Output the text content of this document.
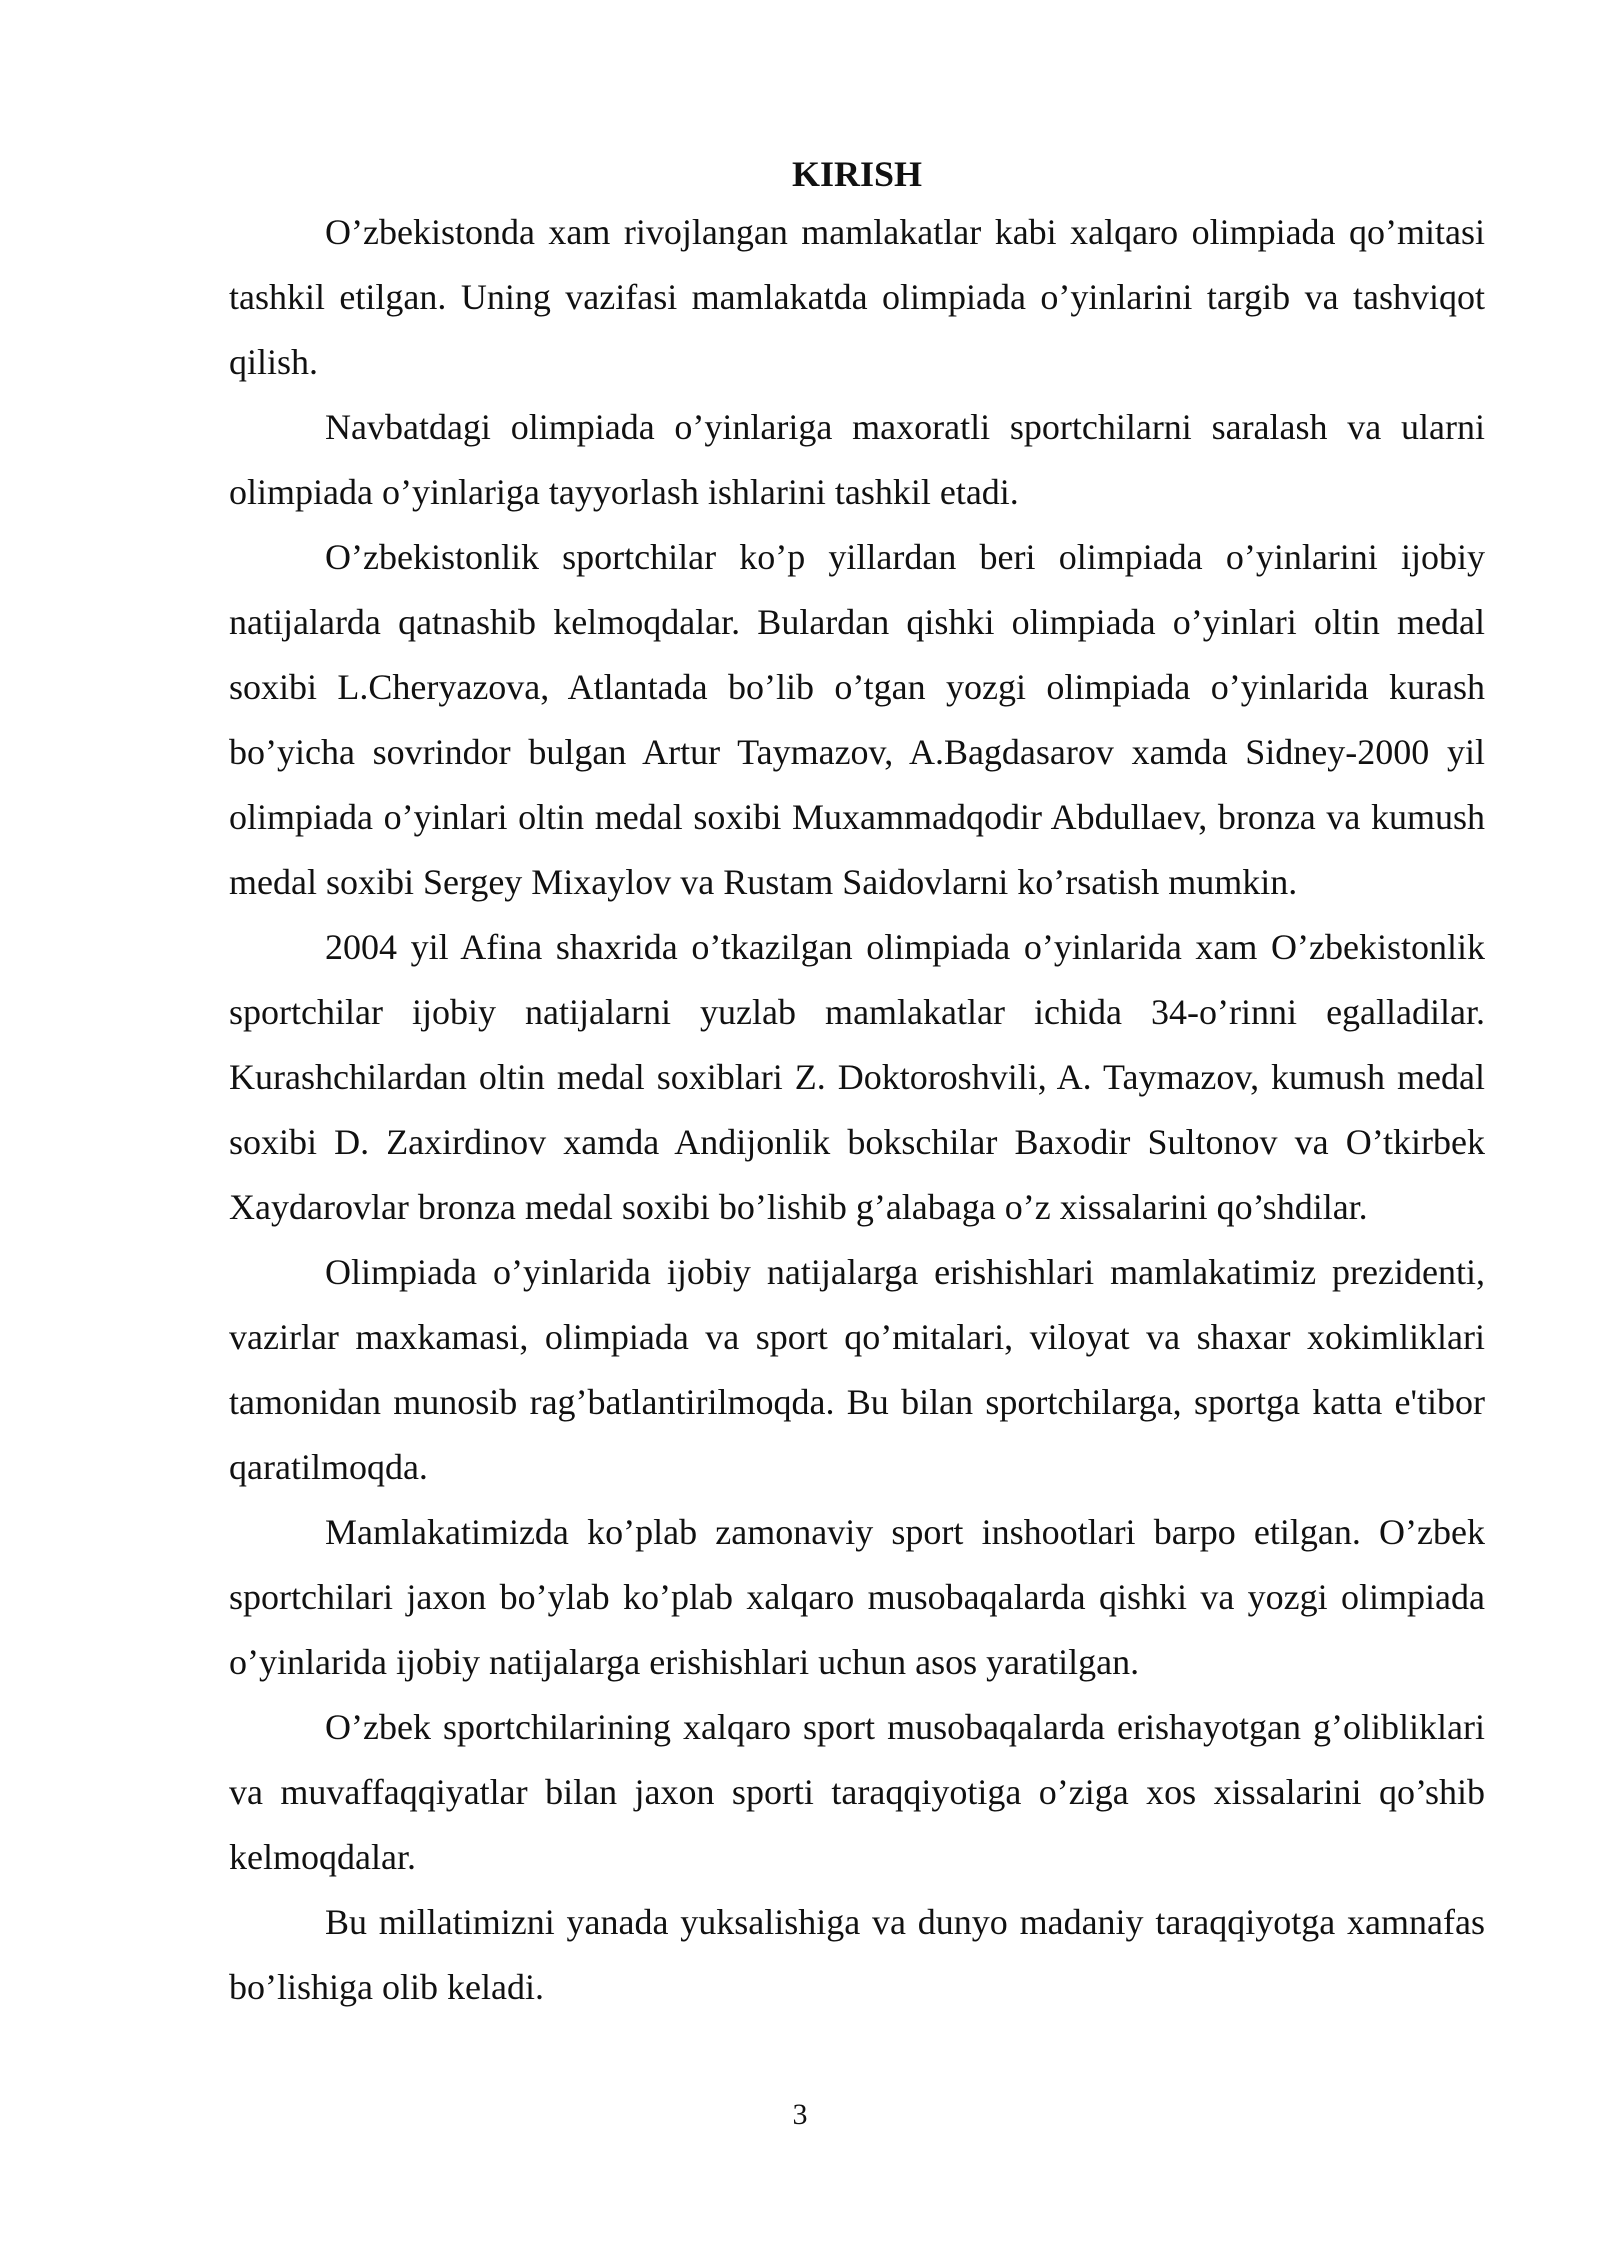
KIRISH

O’zbekistonda xam rivojlangan mamlakatlar kabi xalqaro olimpiada qo’mitasi tashkil etilgan. Uning vazifasi mamlakatda olimpiada o’yinlarini targib va tashviqot qilish.

Navbatdagi olimpiada o’yinlariga maxoratli sportchilarni saralash va ularni olimpiada o’yinlariga tayyorlash ishlarini tashkil etadi.

O’zbekistonlik sportchilar ko’p yillardan beri olimpiada o’yinlarini ijobiy natijalarda qatnashib kelmoqdalar. Bulardan qishki olimpiada o’yinlari oltin medal soxibi L.Cheryazova, Atlantada bo’lib o’tgan yozgi olimpiada o’yinlarida kurash bo’yicha sovrindor bulgan Artur Taymazov, A.Bagdasarov xamda Sidney-2000 yil olimpiada o’yinlari oltin medal soxibi Muxammadqodir Abdullaev, bronza va kumush medal soxibi Sergey Mixaylov va Rustam Saidovlarni ko’rsatish mumkin.

2004 yil Afina shaxrida o’tkazilgan olimpiada o’yinlarida xam O’zbekistonlik sportchilar ijobiy natijalarni yuzlab mamlakatlar ichida 34-o’rinni egalladilar. Kurashchilardan oltin medal soxiblari Z. Doktoroshvili, A. Taymazov, kumush medal soxibi D. Zaxirdinov xamda Andijonlik bokschilar Baxodir Sultonov va O’tkirbek Xaydarovlar bronza medal soxibi bo’lishib g’alabaga o’z xissalarini qo’shdilar.

Olimpiada o’yinlarida ijobiy natijalarga erishishlari mamlakatimiz prezidenti, vazirlar maxkamasi, olimpiada va sport qo’mitalari, viloyat va shaxar xokimliklari tamonidan munosib rag’batlantirilmoqda. Bu bilan sportchilarga, sportga katta e'tibor qaratilmoqda.

Mamlakatimizda ko’plab zamonaviy sport inshootlari barpo etilgan. O’zbek sportchilari jaxon bo’ylab ko’plab xalqaro musobaqalarda qishki va yozgi olimpiada o’yinlarida ijobiy natijalarga erishishlari uchun asos yaratilgan.

O’zbek sportchilarining xalqaro sport musobaqalarda erishayotgan g’olibliklari va muvaffaqqiyatlar bilan jaxon sporti taraqqiyotiga o’ziga xos xissalarini qo’shib kelmoqdalar.

Bu millatimizni yanada yuksalishiga va dunyo madaniy taraqqiyotga xamnafas bo’lishiga olib keladi.

3
